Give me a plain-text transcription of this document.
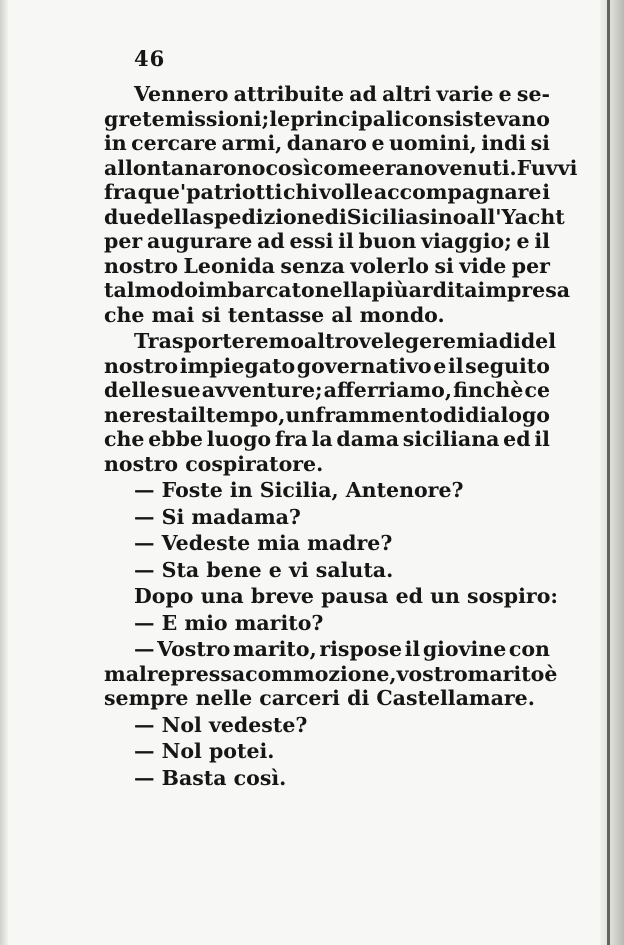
46
Vennero attribuite ad altri varie e se-
grete missioni; le principali consistevano
in cercare armi, danaro e uomini, indi si
allontanarono così come erano venuti. Fuvvi
fra que'patriotti chi volle accompagnare i
due della spedizione di Sicilia sino all'Yacht
per augurare ad essi il buon viaggio; e il
nostro Leonida senza volerlo si vide per
tal modo imbarcato nella più ardita impresa
che mai si tentasse al mondo.
Trasporteremo altrove le geremiadi del
nostro impiegato governativo e il seguito
delle sue avventure; afferriamo, finchè ce
ne resta il tempo, un frammento di dialogo
che ebbe luogo fra la dama siciliana ed il
nostro cospiratore.
— Foste in Sicilia, Antenore?
— Si madama?
— Vedeste mia madre?
— Sta bene e vi saluta.
Dopo una breve pausa ed un sospiro:
— E mio marito?
— Vostro marito, rispose il giovine con
mal repressa commozione, vostro marito è
sempre nelle carceri di Castellamare.
— Nol vedeste?
— Nol potei.
— Basta così.
